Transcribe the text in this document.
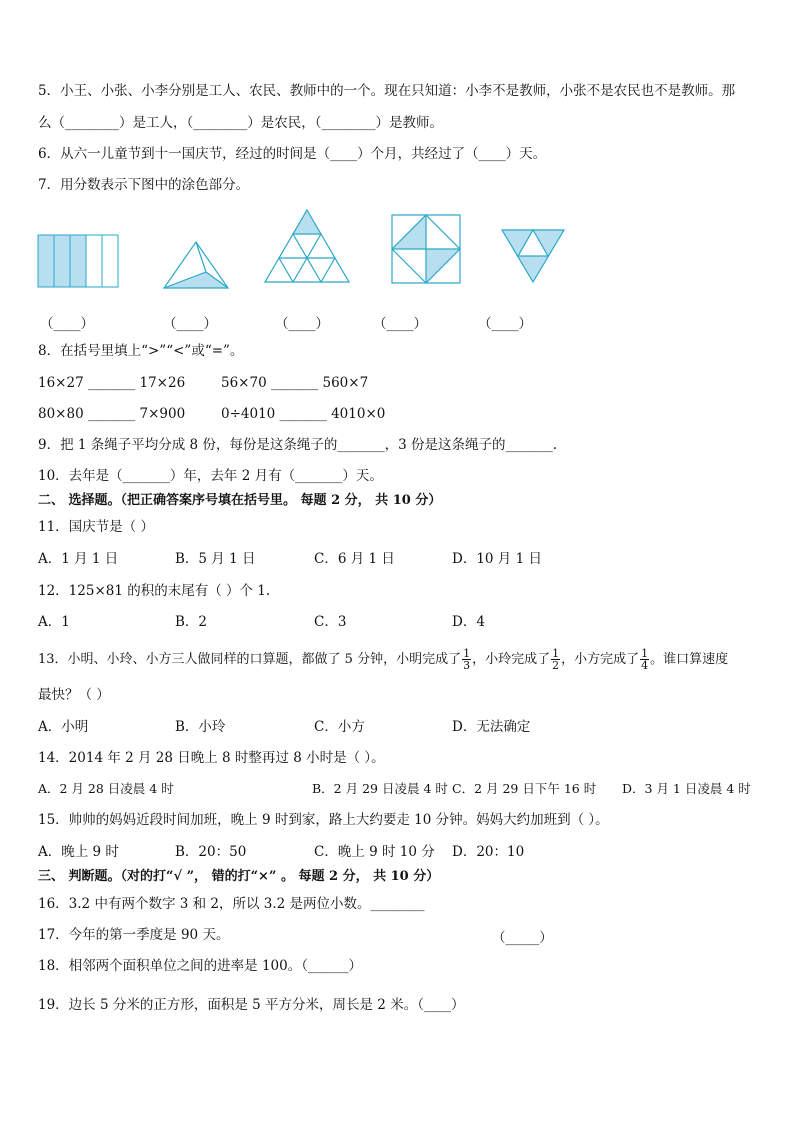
5．小王、小张、小李分别是工人、农民、教师中的一个。现在只知道：小李不是教师，小张不是农民也不是教师。那
么（________）是工人，（________）是农民，（________）是教师。
6．从六一儿童节到十一国庆节，经过的时间是（____）个月，共经过了（____）天。
7．用分数表示下图中的涂色部分。
（____）	（____）	（____）	（____）	（____）
8．在括号里填上“>”“<”或“=”。
16×27 _______ 17×26	56×70 _______ 560×7
80×80 _______ 7×900	0÷4010 _______ 4010×0
9．把 1 条绳子平均分成 8 份，每份是这条绳子的_______，3 份是这条绳子的_______.
10．去年是（_______）年，去年 2 月有（_______）天。
二、 选择题。（把正确答案序号填在括号里。 每题 2 分， 共 10 分）
11．国庆节是（ ）
A．1 月 1 日	B．5 月 1 日	C．6 月 1 日	D．10 月 1 日
12．125×81 的积的末尾有（ ）个 1.
A．1	B．2	C．3	D．4
13．小明、小玲、小方三人做同样的口算题，都做了 5 分钟，小明完成了 $\frac{1}{3}$ ，小玲完成了 $\frac{1}{2}$ ，小方完成了 $\frac{1}{4}$ 。谁口算速度
最快？（ ）
A．小明	B．小玲	C．小方	D．无法确定
14．2014 年 2 月 28 日晚上 8 时整再过 8 小时是（ ）。
A．2 月 28 日凌晨 4 时	B．2 月 29 日凌晨 4 时 C．2 月 29 日下午 16 时 D．3 月 1 日凌晨 4 时
15．帅帅的妈妈近段时间加班，晚上 9 时到家，路上大约要走 10 分钟。妈妈大约加班到（ ）。
A．晚上 9 时	B．20：50	C．晚上 9 时 10 分 D．20：10
三、 判断题。（对的打“√ ”， 错的打“×” 。 每题 2 分， 共 10 分）
16．3.2 中有两个数字 3 和 2，所以 3.2 是两位小数。________
17．今年的第一季度是 90 天。	（_____）
18．相邻两个面积单位之间的进率是 100。（______）
19．边长 5 分米的正方形，面积是 5 平方分米，周长是 2 米。（____）
